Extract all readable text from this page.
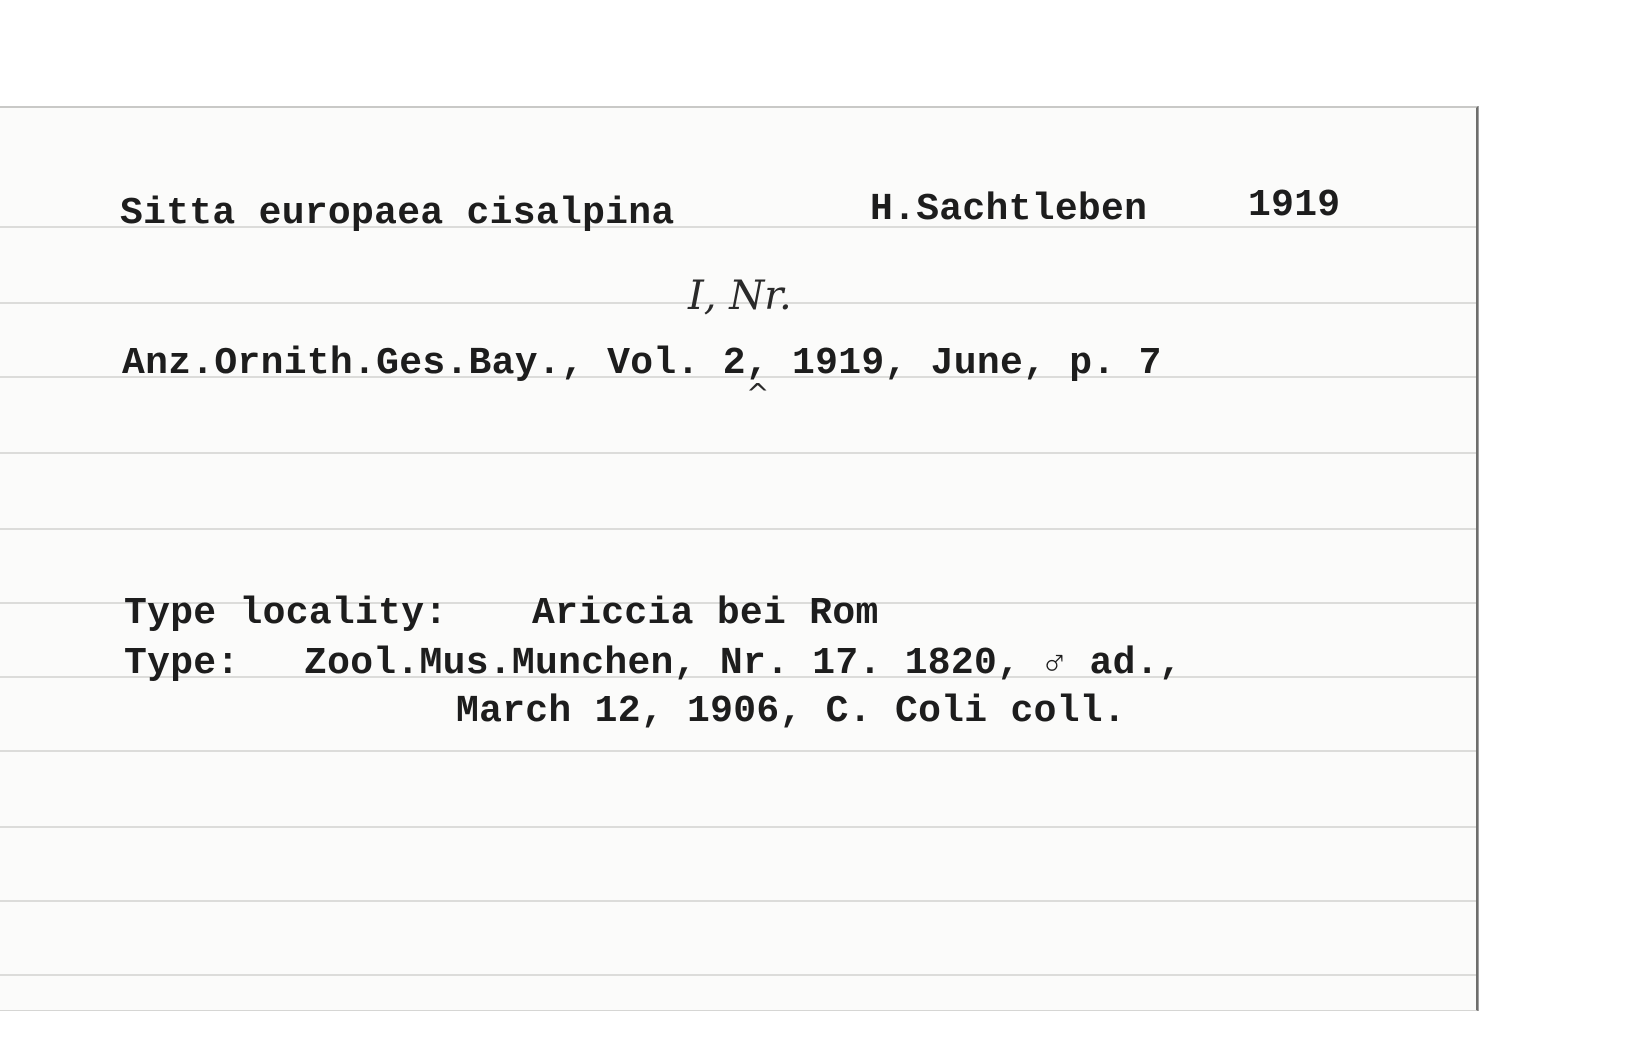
Sitta europaea cisalpina	H.Sachtleben	1919

I, Nr.

Anz.Ornith.Ges.Bay., Vol. 2, 1919, June, p. 7

^

Type locality: Ariccia bei Rom

Type: Zool.Mus.Munchen, Nr. 17. 1820, ♂ ad.,

March 12, 1906, C. Coli coll.
